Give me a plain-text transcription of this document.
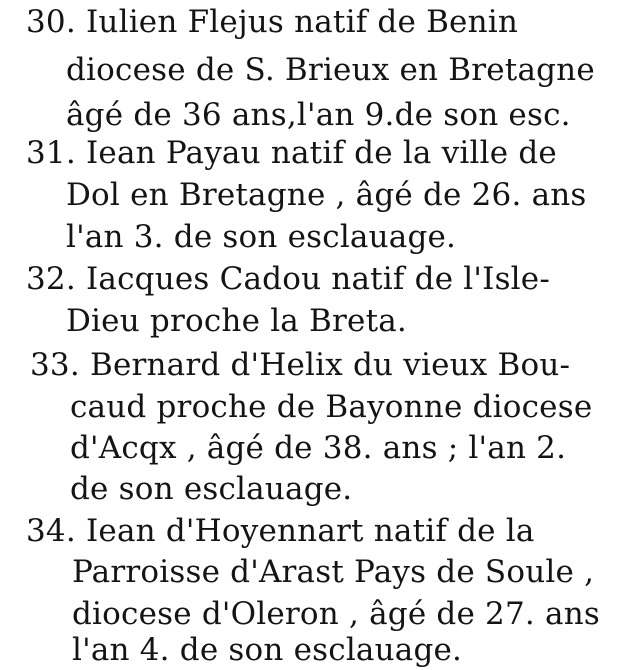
30. Iulien Flejus natif de Benin
diocese de S. Brieux en Bretagne
âgé de 36 ans,l'an 9.de son esc.
31. Iean Payau natif de la ville de
Dol en Bretagne , âgé de 26. ans
l'an 3. de son esclauage.
32. Iacques Cadou natif de l'Isle-
Dieu proche la Breta.
33. Bernard d'Helix du vieux Bou-
caud proche de Bayonne diocese
d'Acqx , âgé de 38. ans ; l'an 2.
de son esclauage.
34. Iean d'Hoyennart natif de la
Parroisse d'Arast Pays de Soule ,
diocese d'Oleron , âgé de 27. ans
l'an 4. de son esclauage.
